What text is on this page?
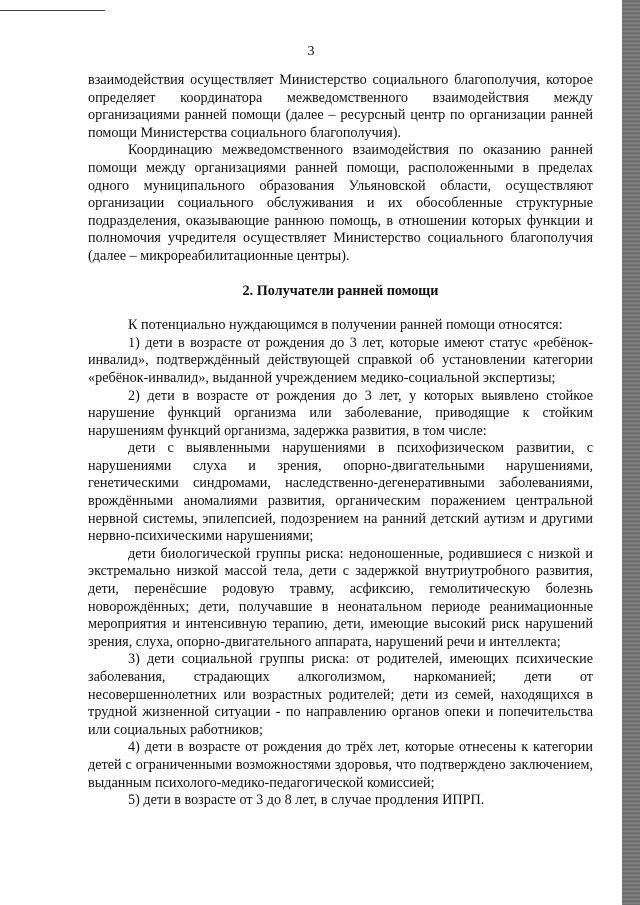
3

взаимодействия осуществляет Министерство социального благополучия, которое определяет координатора межведомственного взаимодействия между организациями ранней помощи (далее – ресурсный центр по организации ранней помощи Министерства социального благополучия).

Координацию межведомственного взаимодействия по оказанию ранней помощи между организациями ранней помощи, расположенными в пределах одного муниципального образования Ульяновской области, осуществляют организации социального обслуживания и их обособленные структурные подразделения, оказывающие раннюю помощь, в отношении которых функции и полномочия учредителя осуществляет Министерство социального благополучия (далее – микрореабилитационные центры).

2. Получатели ранней помощи

К потенциально нуждающимся в получении ранней помощи относятся:

1) дети в возрасте от рождения до 3 лет, которые имеют статус «ребёнок-инвалид», подтверждённый действующей справкой об установлении категории «ребёнок-инвалид», выданной учреждением медико-социальной экспертизы;

2) дети в возрасте от рождения до 3 лет, у которых выявлено стойкое нарушение функций организма или заболевание, приводящие к стойким нарушениям функций организма, задержка развития, в том числе:

дети с выявленными нарушениями в психофизическом развитии, с нарушениями слуха и зрения, опорно-двигательными нарушениями, генетическими синдромами, наследственно-дегенеративными заболеваниями, врождёнными аномалиями развития, органическим поражением центральной нервной системы, эпилепсией, подозрением на ранний детский аутизм и другими нервно-психическими нарушениями;

дети биологической группы риска: недоношенные, родившиеся с низкой и экстремально низкой массой тела, дети с задержкой внутриутробного развития, дети, перенёсшие родовую травму, асфиксию, гемолитическую болезнь новорождённых; дети, получавшие в неонатальном периоде реанимационные мероприятия и интенсивную терапию, дети, имеющие высокий риск нарушений зрения, слуха, опорно-двигательного аппарата, нарушений речи и интеллекта;

3) дети социальной группы риска: от родителей, имеющих психические заболевания, страдающих алкоголизмом, наркоманией; дети от несовершеннолетних или возрастных родителей; дети из семей, находящихся в трудной жизненной ситуации - по направлению органов опеки и попечительства или социальных работников;

4) дети в возрасте от рождения до трёх лет, которые отнесены к категории детей с ограниченными возможностями здоровья, что подтверждено заключением, выданным психолого-медико-педагогической комиссией;

5) дети в возрасте от 3 до 8 лет, в случае продления ИПРП.
